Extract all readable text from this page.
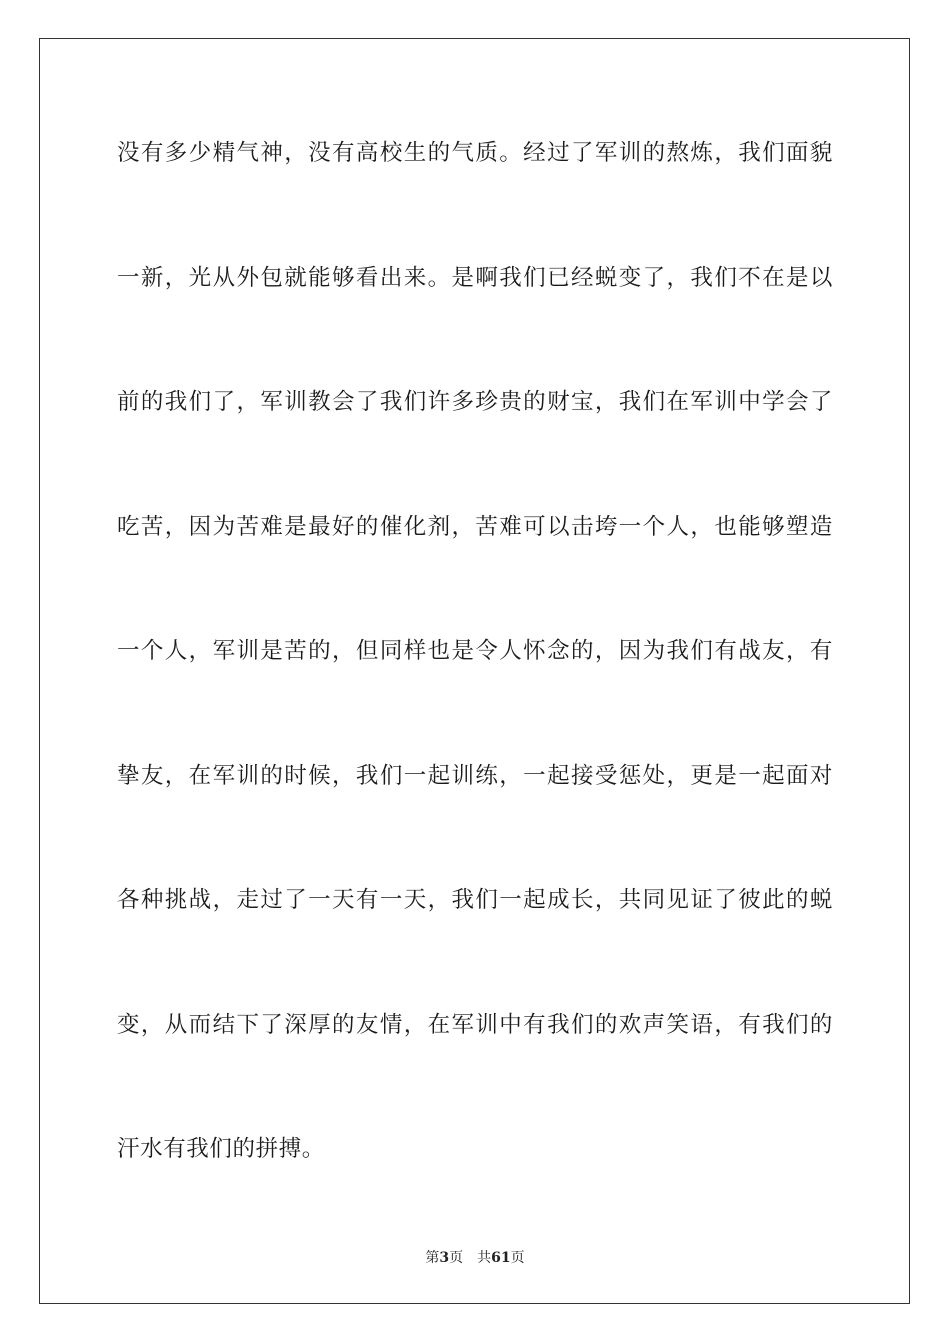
没有多少精气神，没有高校生的气质。经过了军训的熬炼，我们面貌
一新，光从外包就能够看出来。是啊我们已经蜕变了，我们不在是以
前的我们了，军训教会了我们许多珍贵的财宝，我们在军训中学会了
吃苦，因为苦难是最好的催化剂，苦难可以击垮一个人，也能够塑造
一个人，军训是苦的，但同样也是令人怀念的，因为我们有战友，有
挚友，在军训的时候，我们一起训练，一起接受惩处，更是一起面对
各种挑战，走过了一天有一天，我们一起成长，共同见证了彼此的蜕
变，从而结下了深厚的友情，在军训中有我们的欢声笑语，有我们的
汗水有我们的拼搏。
第3页 共61页
